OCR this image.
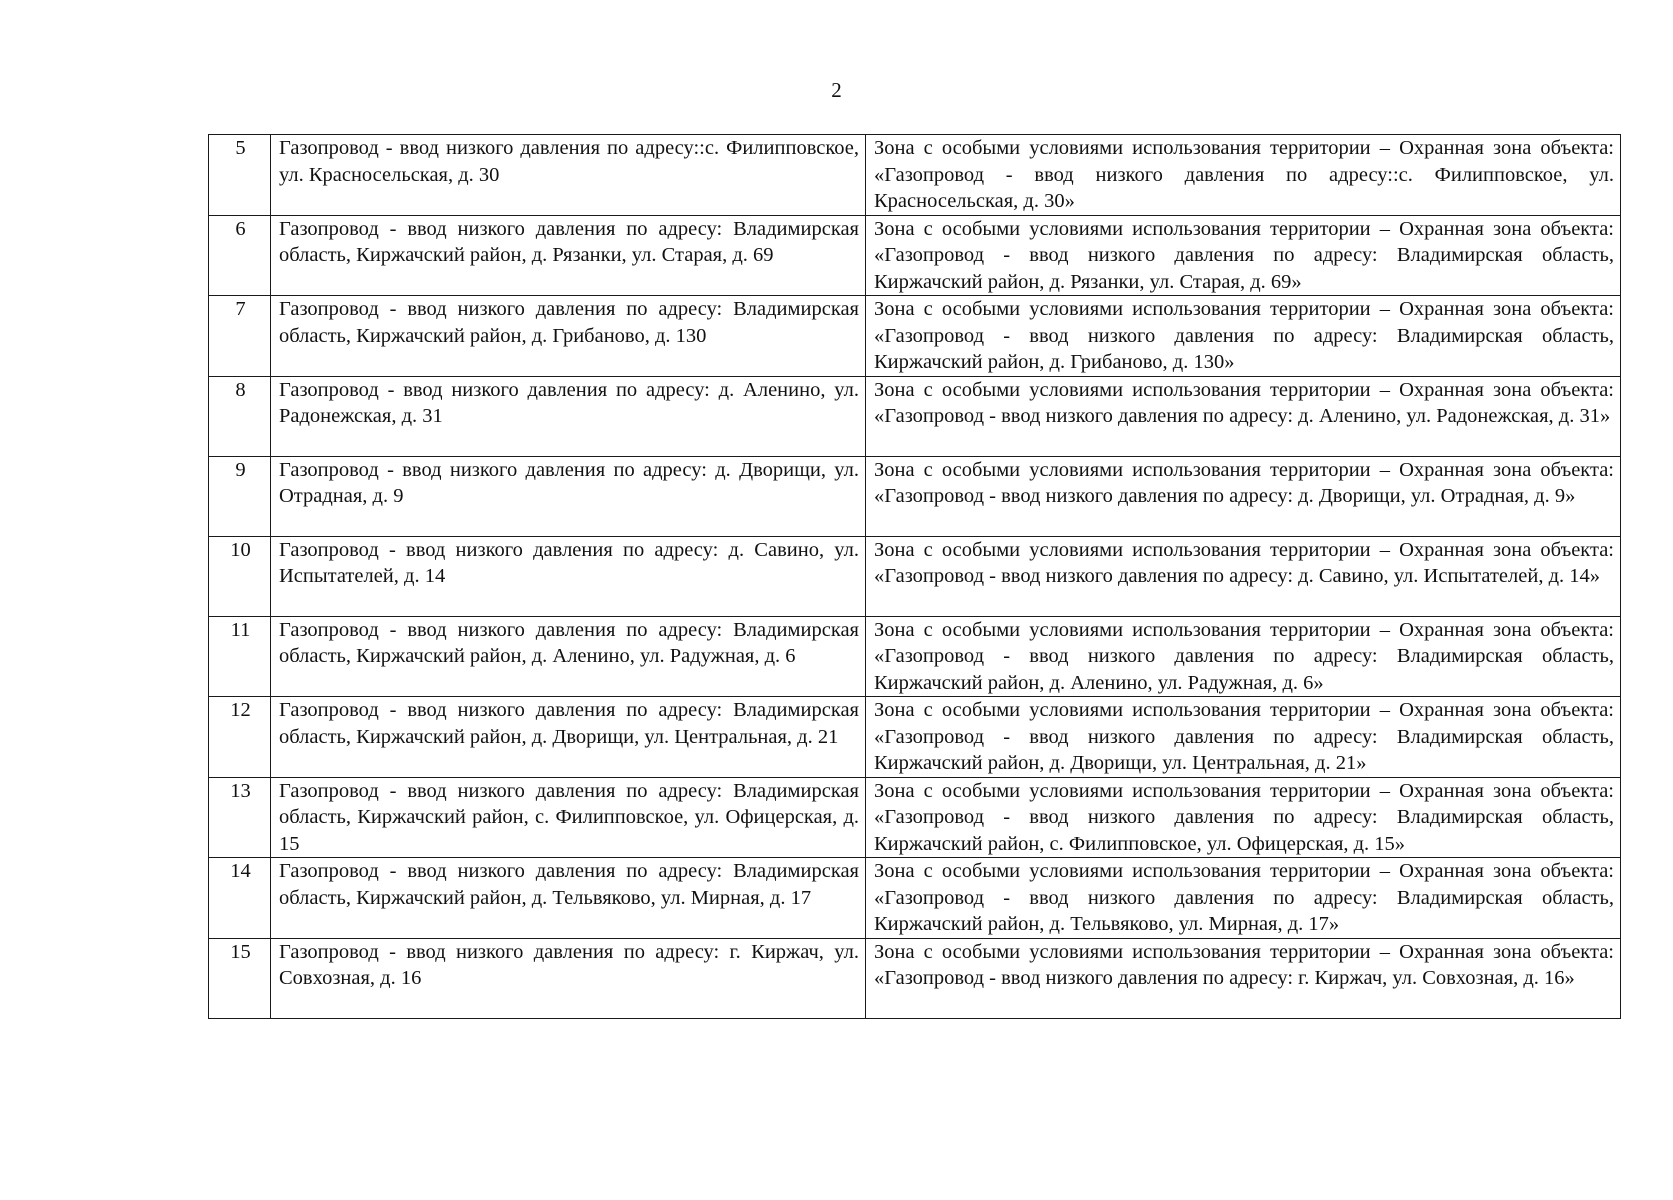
2
5	Газопровод - ввод низкого давления по адресу::с. Филипповское, ул. Красносельская, д. 30	Зона с особыми условиями использования территории – Охранная зона объекта: «Газопровод - ввод низкого давления по адресу::с. Филипповское, ул. Красносельская, д. 30»
6	Газопровод - ввод низкого давления по адресу: Владимирская область, Киржачский район, д. Рязанки, ул. Старая, д. 69	Зона с особыми условиями использования территории – Охранная зона объекта: «Газопровод - ввод низкого давления по адресу: Владимирская область, Киржачский район, д. Рязанки, ул. Старая, д. 69»
7	Газопровод - ввод низкого давления по адресу: Владимирская область, Киржачский район, д. Грибаново, д. 130	Зона с особыми условиями использования территории – Охранная зона объекта: «Газопровод - ввод низкого давления по адресу: Владимирская область, Киржачский район, д. Грибаново, д. 130»
8	Газопровод - ввод низкого давления по адресу: д. Аленино, ул. Радонежская, д. 31	Зона с особыми условиями использования территории – Охранная зона объекта: «Газопровод - ввод низкого давления по адресу: д. Аленино, ул. Радонежская, д. 31»
9	Газопровод - ввод низкого давления по адресу: д. Дворищи, ул. Отрадная, д. 9	Зона с особыми условиями использования территории – Охранная зона объекта: «Газопровод - ввод низкого давления по адресу: д. Дворищи, ул. Отрадная, д. 9»
10	Газопровод - ввод низкого давления по адресу: д. Савино, ул. Испытателей, д. 14	Зона с особыми условиями использования территории – Охранная зона объекта: «Газопровод - ввод низкого давления по адресу: д. Савино, ул. Испытателей, д. 14»
11	Газопровод - ввод низкого давления по адресу: Владимирская область, Киржачский район, д. Аленино, ул. Радужная, д. 6	Зона с особыми условиями использования территории – Охранная зона объекта: «Газопровод - ввод низкого давления по адресу: Владимирская область, Киржачский район, д. Аленино, ул. Радужная, д. 6»
12	Газопровод - ввод низкого давления по адресу: Владимирская область, Киржачский район, д. Дворищи, ул. Центральная, д. 21	Зона с особыми условиями использования территории – Охранная зона объекта: «Газопровод - ввод низкого давления по адресу: Владимирская область, Киржачский район, д. Дворищи, ул. Центральная, д. 21»
13	Газопровод - ввод низкого давления по адресу: Владимирская область, Киржачский район, с. Филипповское, ул. Офицерская, д. 15	Зона с особыми условиями использования территории – Охранная зона объекта: «Газопровод - ввод низкого давления по адресу: Владимирская область, Киржачский район, с. Филипповское, ул. Офицерская, д. 15»
14	Газопровод - ввод низкого давления по адресу: Владимирская область, Киржачский район, д. Тельвяково, ул. Мирная, д. 17	Зона с особыми условиями использования территории – Охранная зона объекта: «Газопровод - ввод низкого давления по адресу: Владимирская область, Киржачский район, д. Тельвяково, ул. Мирная, д. 17»
15	Газопровод - ввод низкого давления по адресу: г. Киржач, ул. Совхозная, д. 16	Зона с особыми условиями использования территории – Охранная зона объекта: «Газопровод - ввод низкого давления по адресу: г. Киржач, ул. Совхозная, д. 16»
